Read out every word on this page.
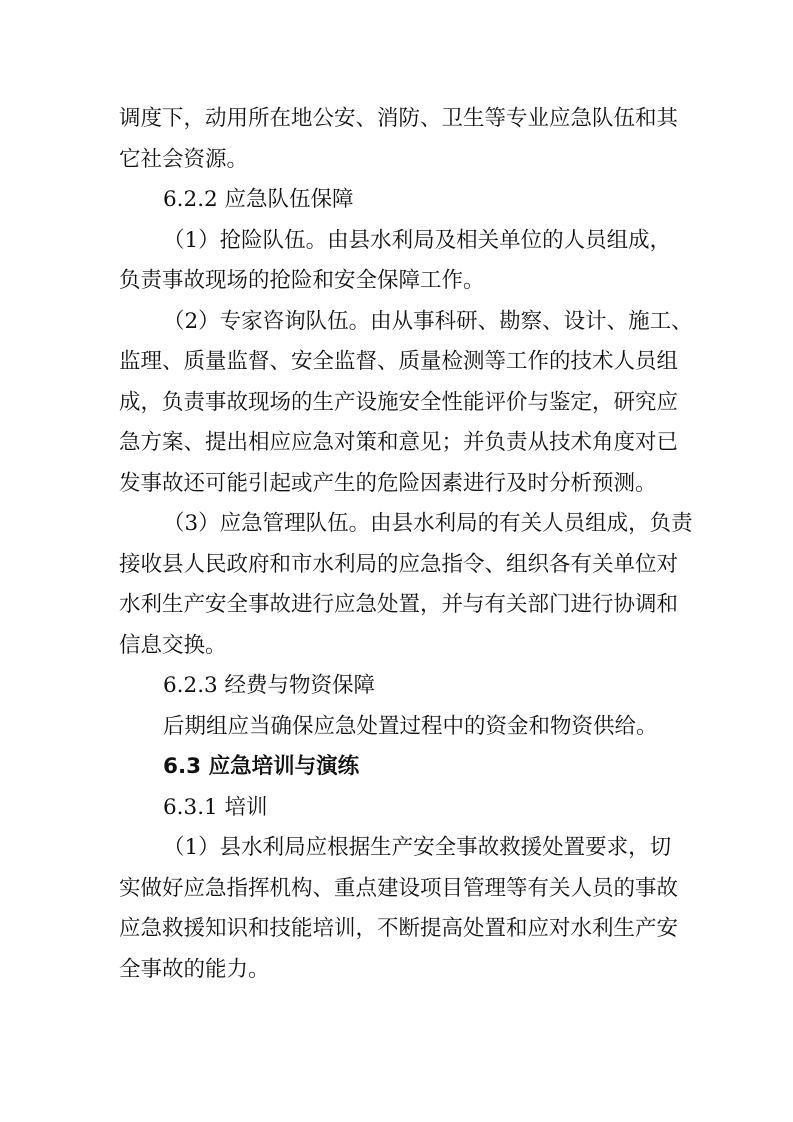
调度下，动用所在地公安、消防、卫生等专业应急队伍和其
它社会资源。
6.2.2 应急队伍保障
（1）抢险队伍。由县水利局及相关单位的人员组成，
负责事故现场的抢险和安全保障工作。
（2）专家咨询队伍。由从事科研、勘察、设计、施工、
监理、质量监督、安全监督、质量检测等工作的技术人员组
成，负责事故现场的生产设施安全性能评价与鉴定，研究应
急方案、提出相应应急对策和意见；并负责从技术角度对已
发事故还可能引起或产生的危险因素进行及时分析预测。
（3）应急管理队伍。由县水利局的有关人员组成，负责
接收县人民政府和市水利局的应急指令、组织各有关单位对
水利生产安全事故进行应急处置，并与有关部门进行协调和
信息交换。
6.2.3 经费与物资保障
后期组应当确保应急处置过程中的资金和物资供给。
6.3 应急培训与演练
6.3.1 培训
（1）县水利局应根据生产安全事故救援处置要求，切
实做好应急指挥机构、重点建设项目管理等有关人员的事故
应急救援知识和技能培训，不断提高处置和应对水利生产安
全事故的能力。
